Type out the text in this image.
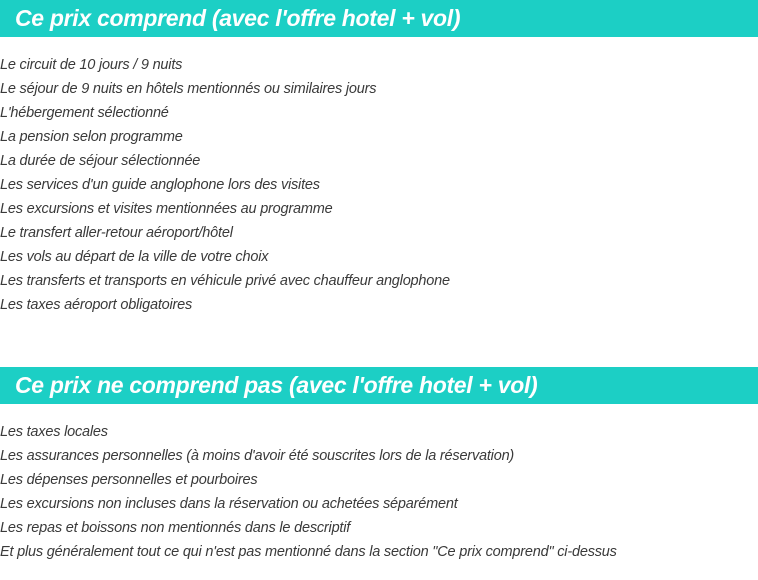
Ce prix comprend (avec l'offre hotel + vol)
Le circuit de 10 jours / 9 nuits
Le séjour de 9 nuits en hôtels mentionnés ou similaires jours
L'hébergement sélectionné
La pension selon programme
La durée de séjour sélectionnée
Les services d'un guide anglophone lors des visites
Les excursions et visites mentionnées au programme
Le transfert aller-retour aéroport/hôtel
Les vols au départ de la ville de votre choix
Les transferts et transports en véhicule privé avec chauffeur anglophone
Les taxes aéroport obligatoires
Ce prix ne comprend pas (avec l'offre hotel + vol)
Les taxes locales
Les assurances personnelles (à moins d'avoir été souscrites lors de la réservation)
Les dépenses personnelles et pourboires
Les excursions non incluses dans la réservation ou achetées séparément
Les repas et boissons non mentionnés dans le descriptif
Et plus généralement tout ce qui n'est pas mentionné dans la section "Ce prix comprend" ci-dessus
